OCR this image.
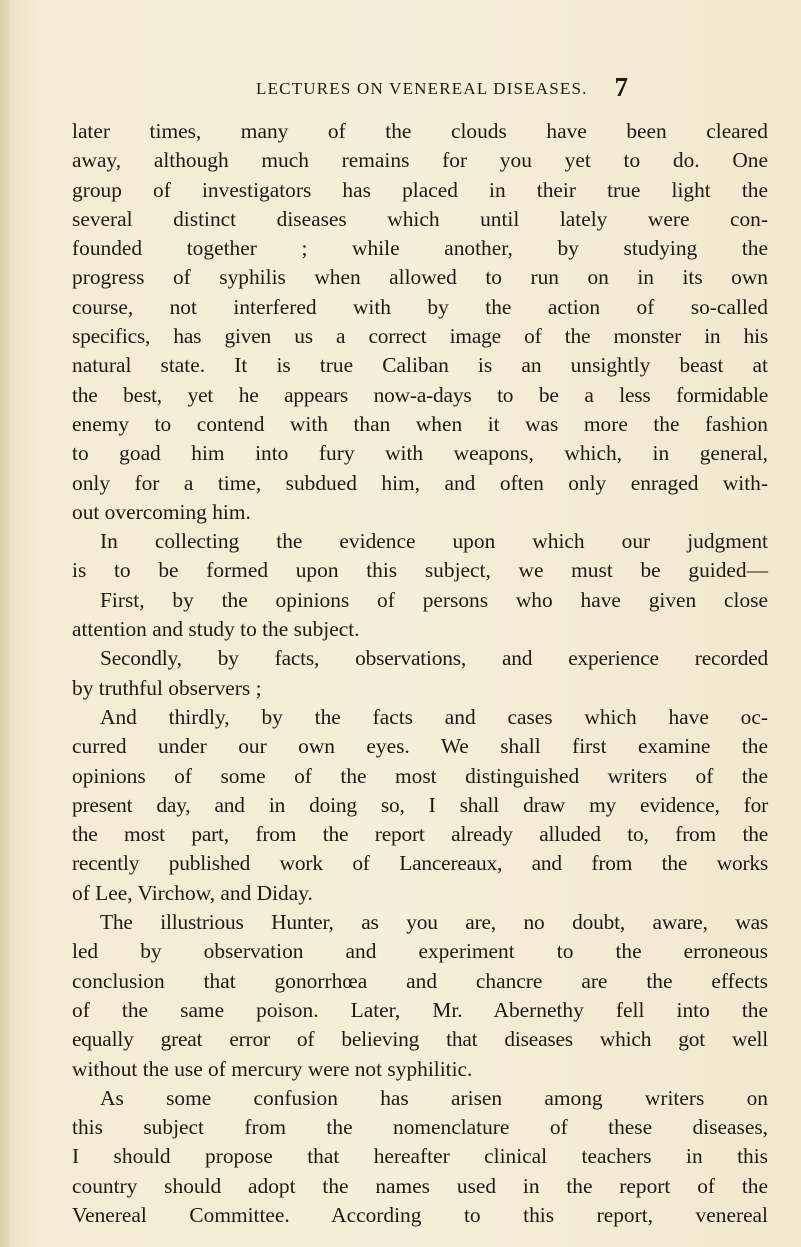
LECTURES ON VENEREAL DISEASES. 7
later times, many of the clouds have been cleared
away, although much remains for you yet to do. One
group of investigators has placed in their true light the
several distinct diseases which until lately were con-
founded together ; while another, by studying the
progress of syphilis when allowed to run on in its own
course, not interfered with by the action of so-called
specifics, has given us a correct image of the monster in his
natural state. It is true Caliban is an unsightly beast at
the best, yet he appears now-a-days to be a less formidable
enemy to contend with than when it was more the fashion
to goad him into fury with weapons, which, in general,
only for a time, subdued him, and often only enraged with-
out overcoming him.
In collecting the evidence upon which our judgment
is to be formed upon this subject, we must be guided—
First, by the opinions of persons who have given close
attention and study to the subject.
Secondly, by facts, observations, and experience recorded
by truthful observers ;
And thirdly, by the facts and cases which have oc-
curred under our own eyes. We shall first examine the
opinions of some of the most distinguished writers of the
present day, and in doing so, I shall draw my evidence, for
the most part, from the report already alluded to, from the
recently published work of Lancereaux, and from the works
of Lee, Virchow, and Diday.
The illustrious Hunter, as you are, no doubt, aware, was
led by observation and experiment to the erroneous
conclusion that gonorrhœa and chancre are the effects
of the same poison. Later, Mr. Abernethy fell into the
equally great error of believing that diseases which got well
without the use of mercury were not syphilitic.
As some confusion has arisen among writers on
this subject from the nomenclature of these diseases,
I should propose that hereafter clinical teachers in this
country should adopt the names used in the report of the
Venereal Committee. According to this report, venereal
